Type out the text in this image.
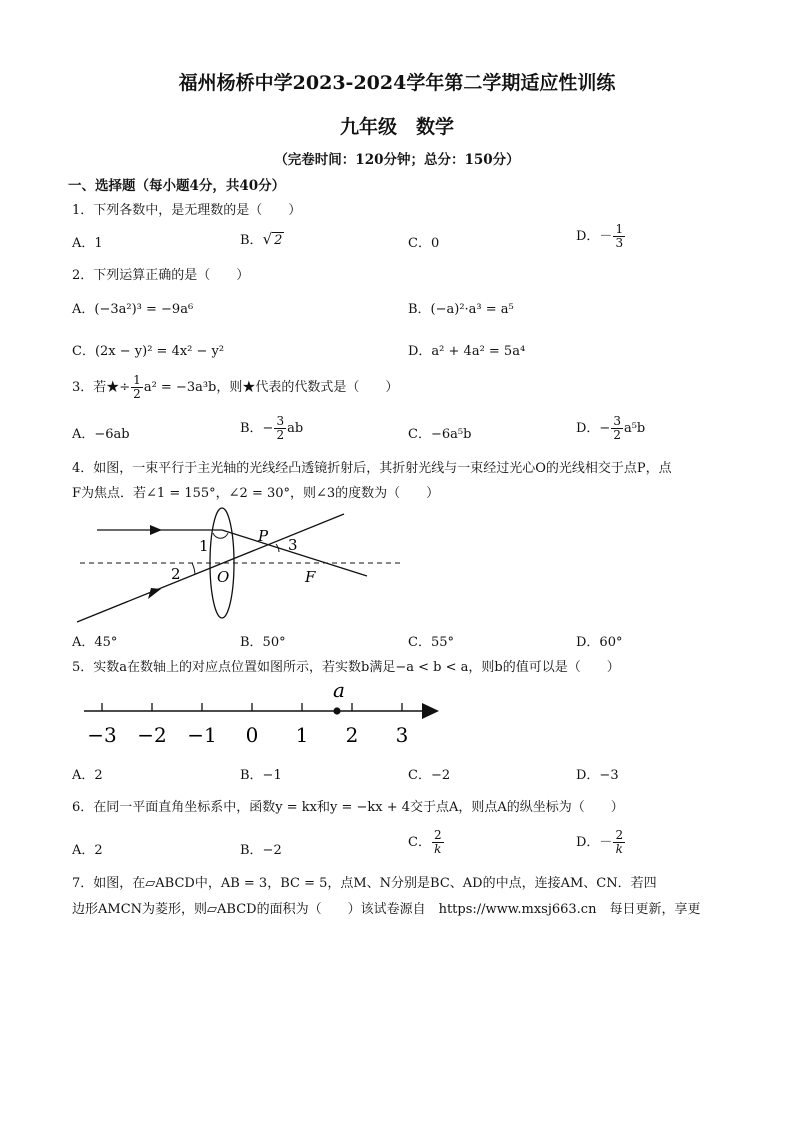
福州杨桥中学2023-2024学年第二学期适应性训练
九年级　数学
（完卷时间：120分钟；总分：150分）
一、选择题（每小题4分，共40分）
1．下列各数中，是无理数的是（　　）
A．1	B．√ 2	C．0	D．－ $\frac{1}{3}$
2．下列运算正确的是（　　）
A．(−3a²)³ = −9a⁶	B．(−a)²·a³ = a⁵
C．(2x − y)² = 4x² − y²	D．a² + 4a² = 5a⁴
3．若★÷ $\frac{1}{2} a^2 = -3a^3b$，则★代表的代数式是（　　）
A．−6ab	B．− $\frac{3}{2}$ ab	C．−6a⁵b	D．− $\frac{3}{2} a^5b$
4．如图，一束平行于主光轴的光线经凸透镜折射后，其折射光线与一束经过光心O的光线相交于点P，点
F为焦点．若∠1 = 155°，∠2 = 30°，则∠3的度数为（　　）
1
2
3
O
P
F
A．45°	B．50°	C．55°	D．60°
5．实数a在数轴上的对应点位置如图所示，若实数b满足−a < b < a，则b的值可以是（　　）
−3 −2 −1 0 1 2 3
a
A．2	B．−1	C．−2	D．−3
6．在同一平面直角坐标系中，函数y = kx和y = −kx + 4交于点A，则点A的纵坐标为（　　）
A．2	B．−2
C． $\frac{2}{k}$	D．－ $\frac{2}{k}$
7．如图，在▱ABCD中，AB = 3，BC = 5，点M、N分别是BC、AD的中点，连接AM、CN．若四
边形AMCN为菱形，则▱ABCD的面积为（　　）该试卷源自　https://www.mxsj663.cn　每日更新，享更
